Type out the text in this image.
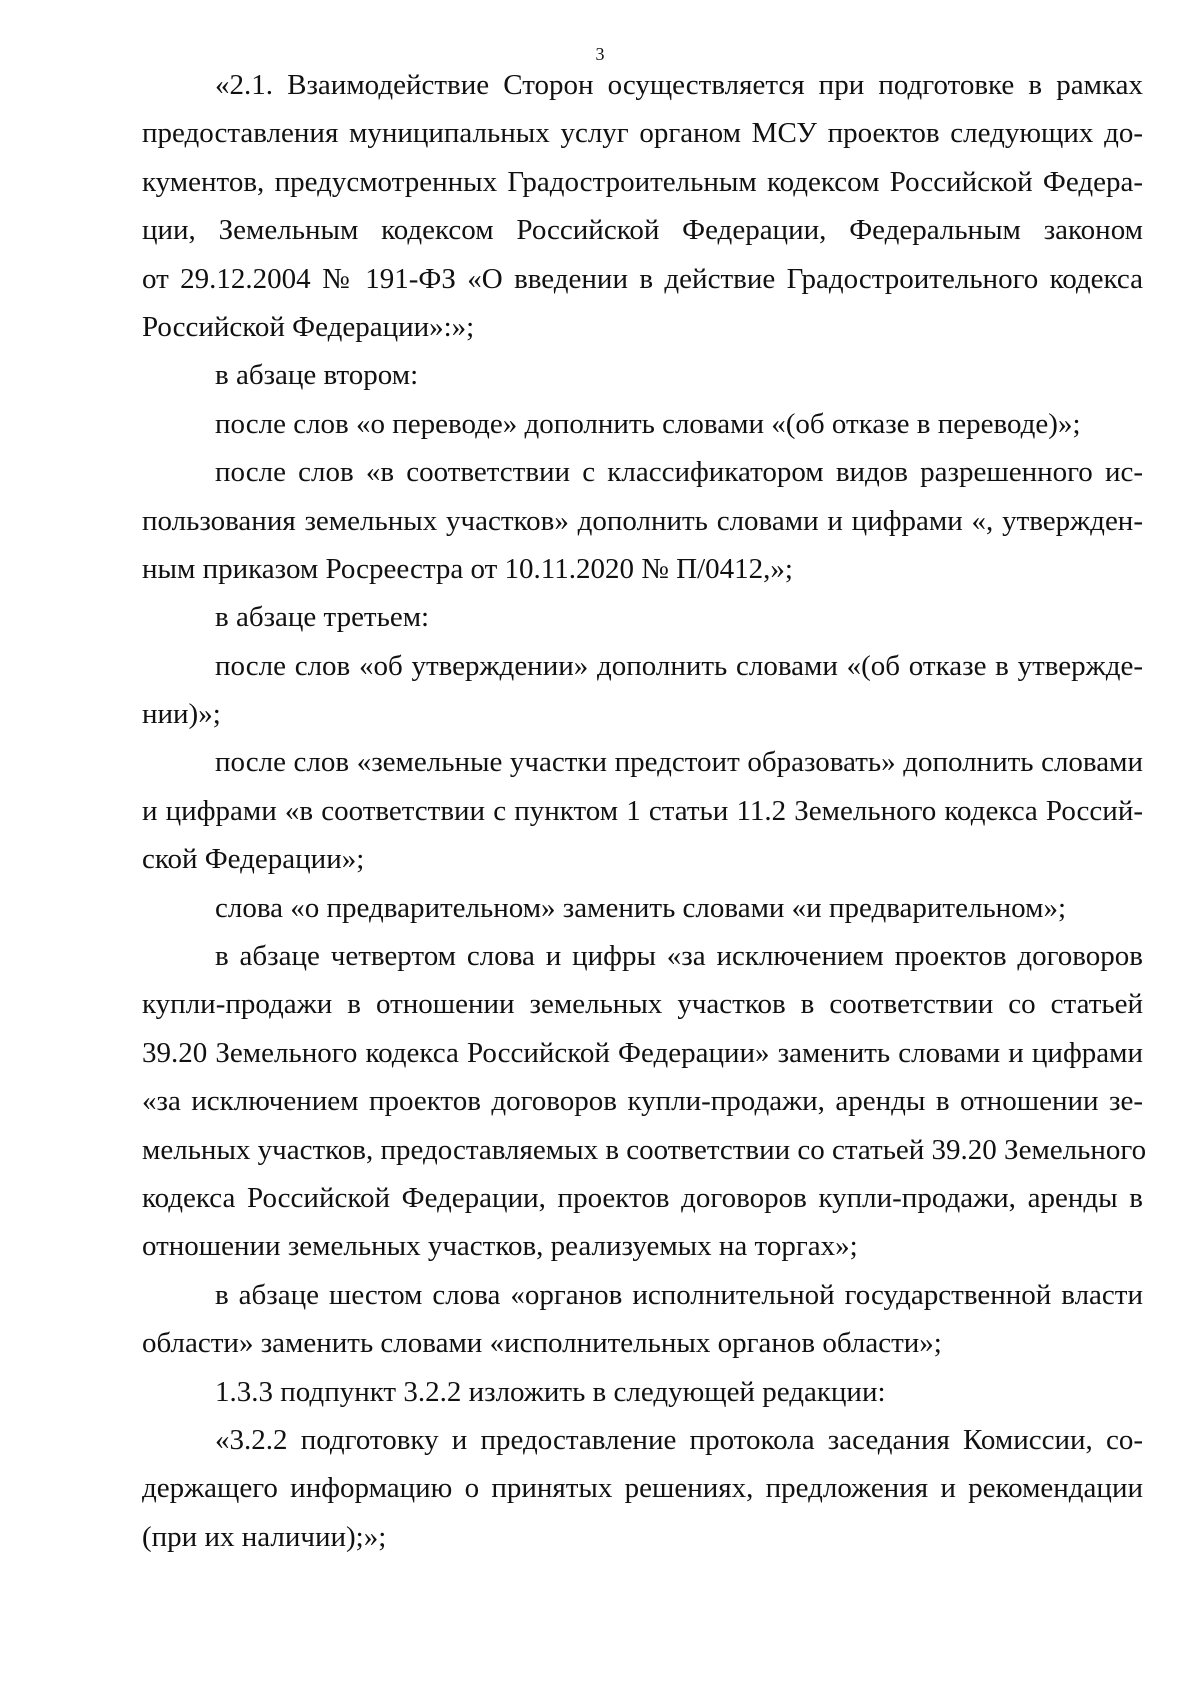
3
«2.1. Взаимодействие Сторон осуществляется при подготовке в рамках
предоставления муниципальных услуг органом МСУ проектов следующих до-
кументов, предусмотренных Градостроительным кодексом Российской Федера-
ции, Земельным кодексом Российской Федерации, Федеральным законом
от 29.12.2004 № 191-ФЗ «О введении в действие Градостроительного кодекса
Российской Федерации»:»;
в абзаце втором:
после слов «о переводе» дополнить словами «(об отказе в переводе)»;
после слов «в соответствии с классификатором видов разрешенного ис-
пользования земельных участков» дополнить словами и цифрами «, утвержден-
ным приказом Росреестра от 10.11.2020 № П/0412,»;
в абзаце третьем:
после слов «об утверждении» дополнить словами «(об отказе в утвержде-
нии)»;
после слов «земельные участки предстоит образовать» дополнить словами
и цифрами «в соответствии с пунктом 1 статьи 11.2 Земельного кодекса Россий-
ской Федерации»;
слова «о предварительном» заменить словами «и предварительном»;
в абзаце четвертом слова и цифры «за исключением проектов договоров
купли-продажи в отношении земельных участков в соответствии со статьей
39.20 Земельного кодекса Российской Федерации» заменить словами и цифрами
«за исключением проектов договоров купли-продажи, аренды в отношении зе-
мельных участков, предоставляемых в соответствии со статьей 39.20 Земельного
кодекса Российской Федерации, проектов договоров купли-продажи, аренды в
отношении земельных участков, реализуемых на торгах»;
в абзаце шестом слова «органов исполнительной государственной власти
области» заменить словами «исполнительных органов области»;
1.3.3 подпункт 3.2.2 изложить в следующей редакции:
«3.2.2 подготовку и предоставление протокола заседания Комиссии, со-
держащего информацию о принятых решениях, предложения и рекомендации
(при их наличии);»;
